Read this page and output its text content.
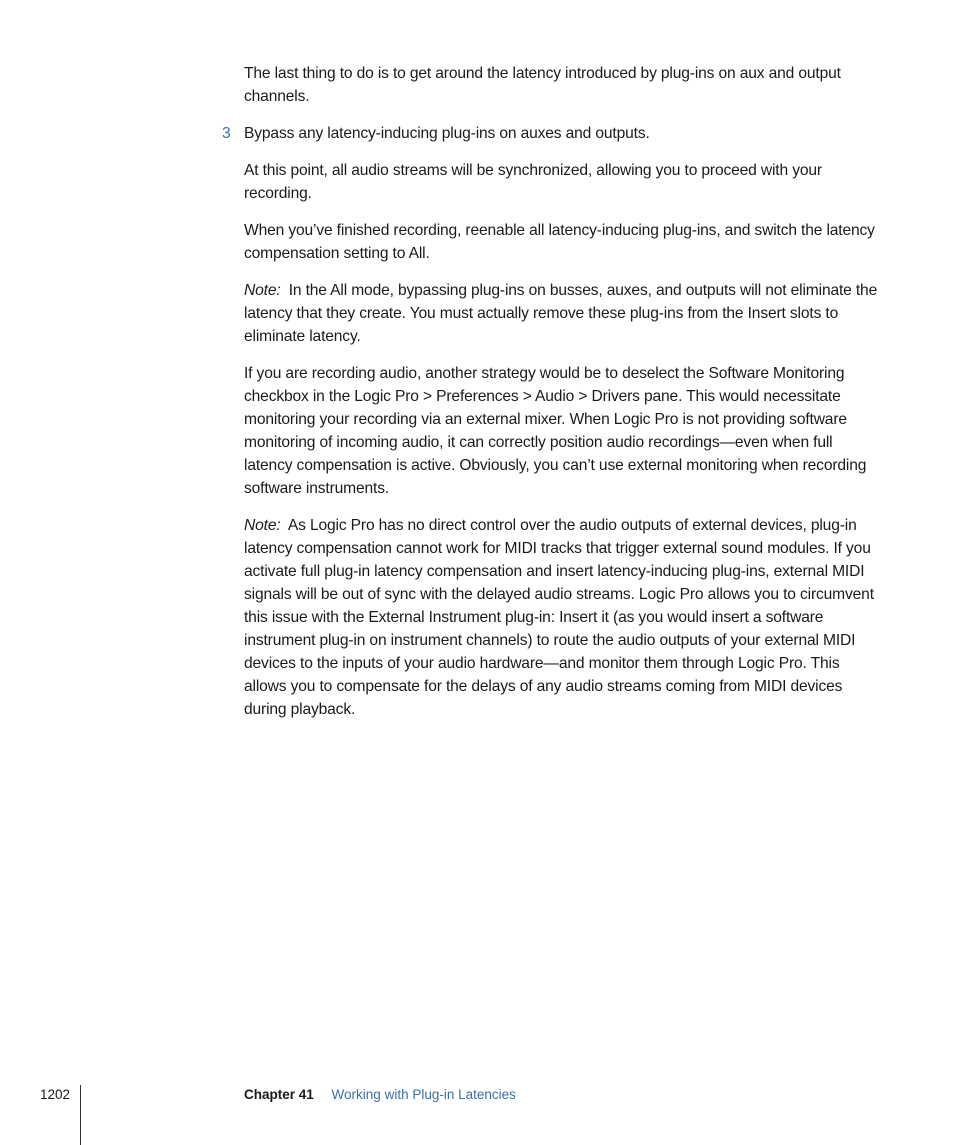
The last thing to do is to get around the latency introduced by plug-ins on aux and output channels.

3 Bypass any latency-inducing plug-ins on auxes and outputs.

At this point, all audio streams will be synchronized, allowing you to proceed with your recording.

When you’ve finished recording, reenable all latency-inducing plug-ins, and switch the latency compensation setting to All.

Note: In the All mode, bypassing plug-ins on busses, auxes, and outputs will not eliminate the latency that they create. You must actually remove these plug-ins from the Insert slots to eliminate latency.

If you are recording audio, another strategy would be to deselect the Software Monitoring checkbox in the Logic Pro > Preferences > Audio > Drivers pane. This would necessitate monitoring your recording via an external mixer. When Logic Pro is not providing software monitoring of incoming audio, it can correctly position audio recordings—even when full latency compensation is active. Obviously, you can’t use external monitoring when recording software instruments.

Note: As Logic Pro has no direct control over the audio outputs of external devices, plug-in latency compensation cannot work for MIDI tracks that trigger external sound modules. If you activate full plug-in latency compensation and insert latency-inducing plug-ins, external MIDI signals will be out of sync with the delayed audio streams. Logic Pro allows you to circumvent this issue with the External Instrument plug-in: Insert it (as you would insert a software instrument plug-in on instrument channels) to route the audio outputs of your external MIDI devices to the inputs of your audio hardware—and monitor them through Logic Pro. This allows you to compensate for the delays of any audio streams coming from MIDI devices during playback.

1202	Chapter 41 Working with Plug-in Latencies
